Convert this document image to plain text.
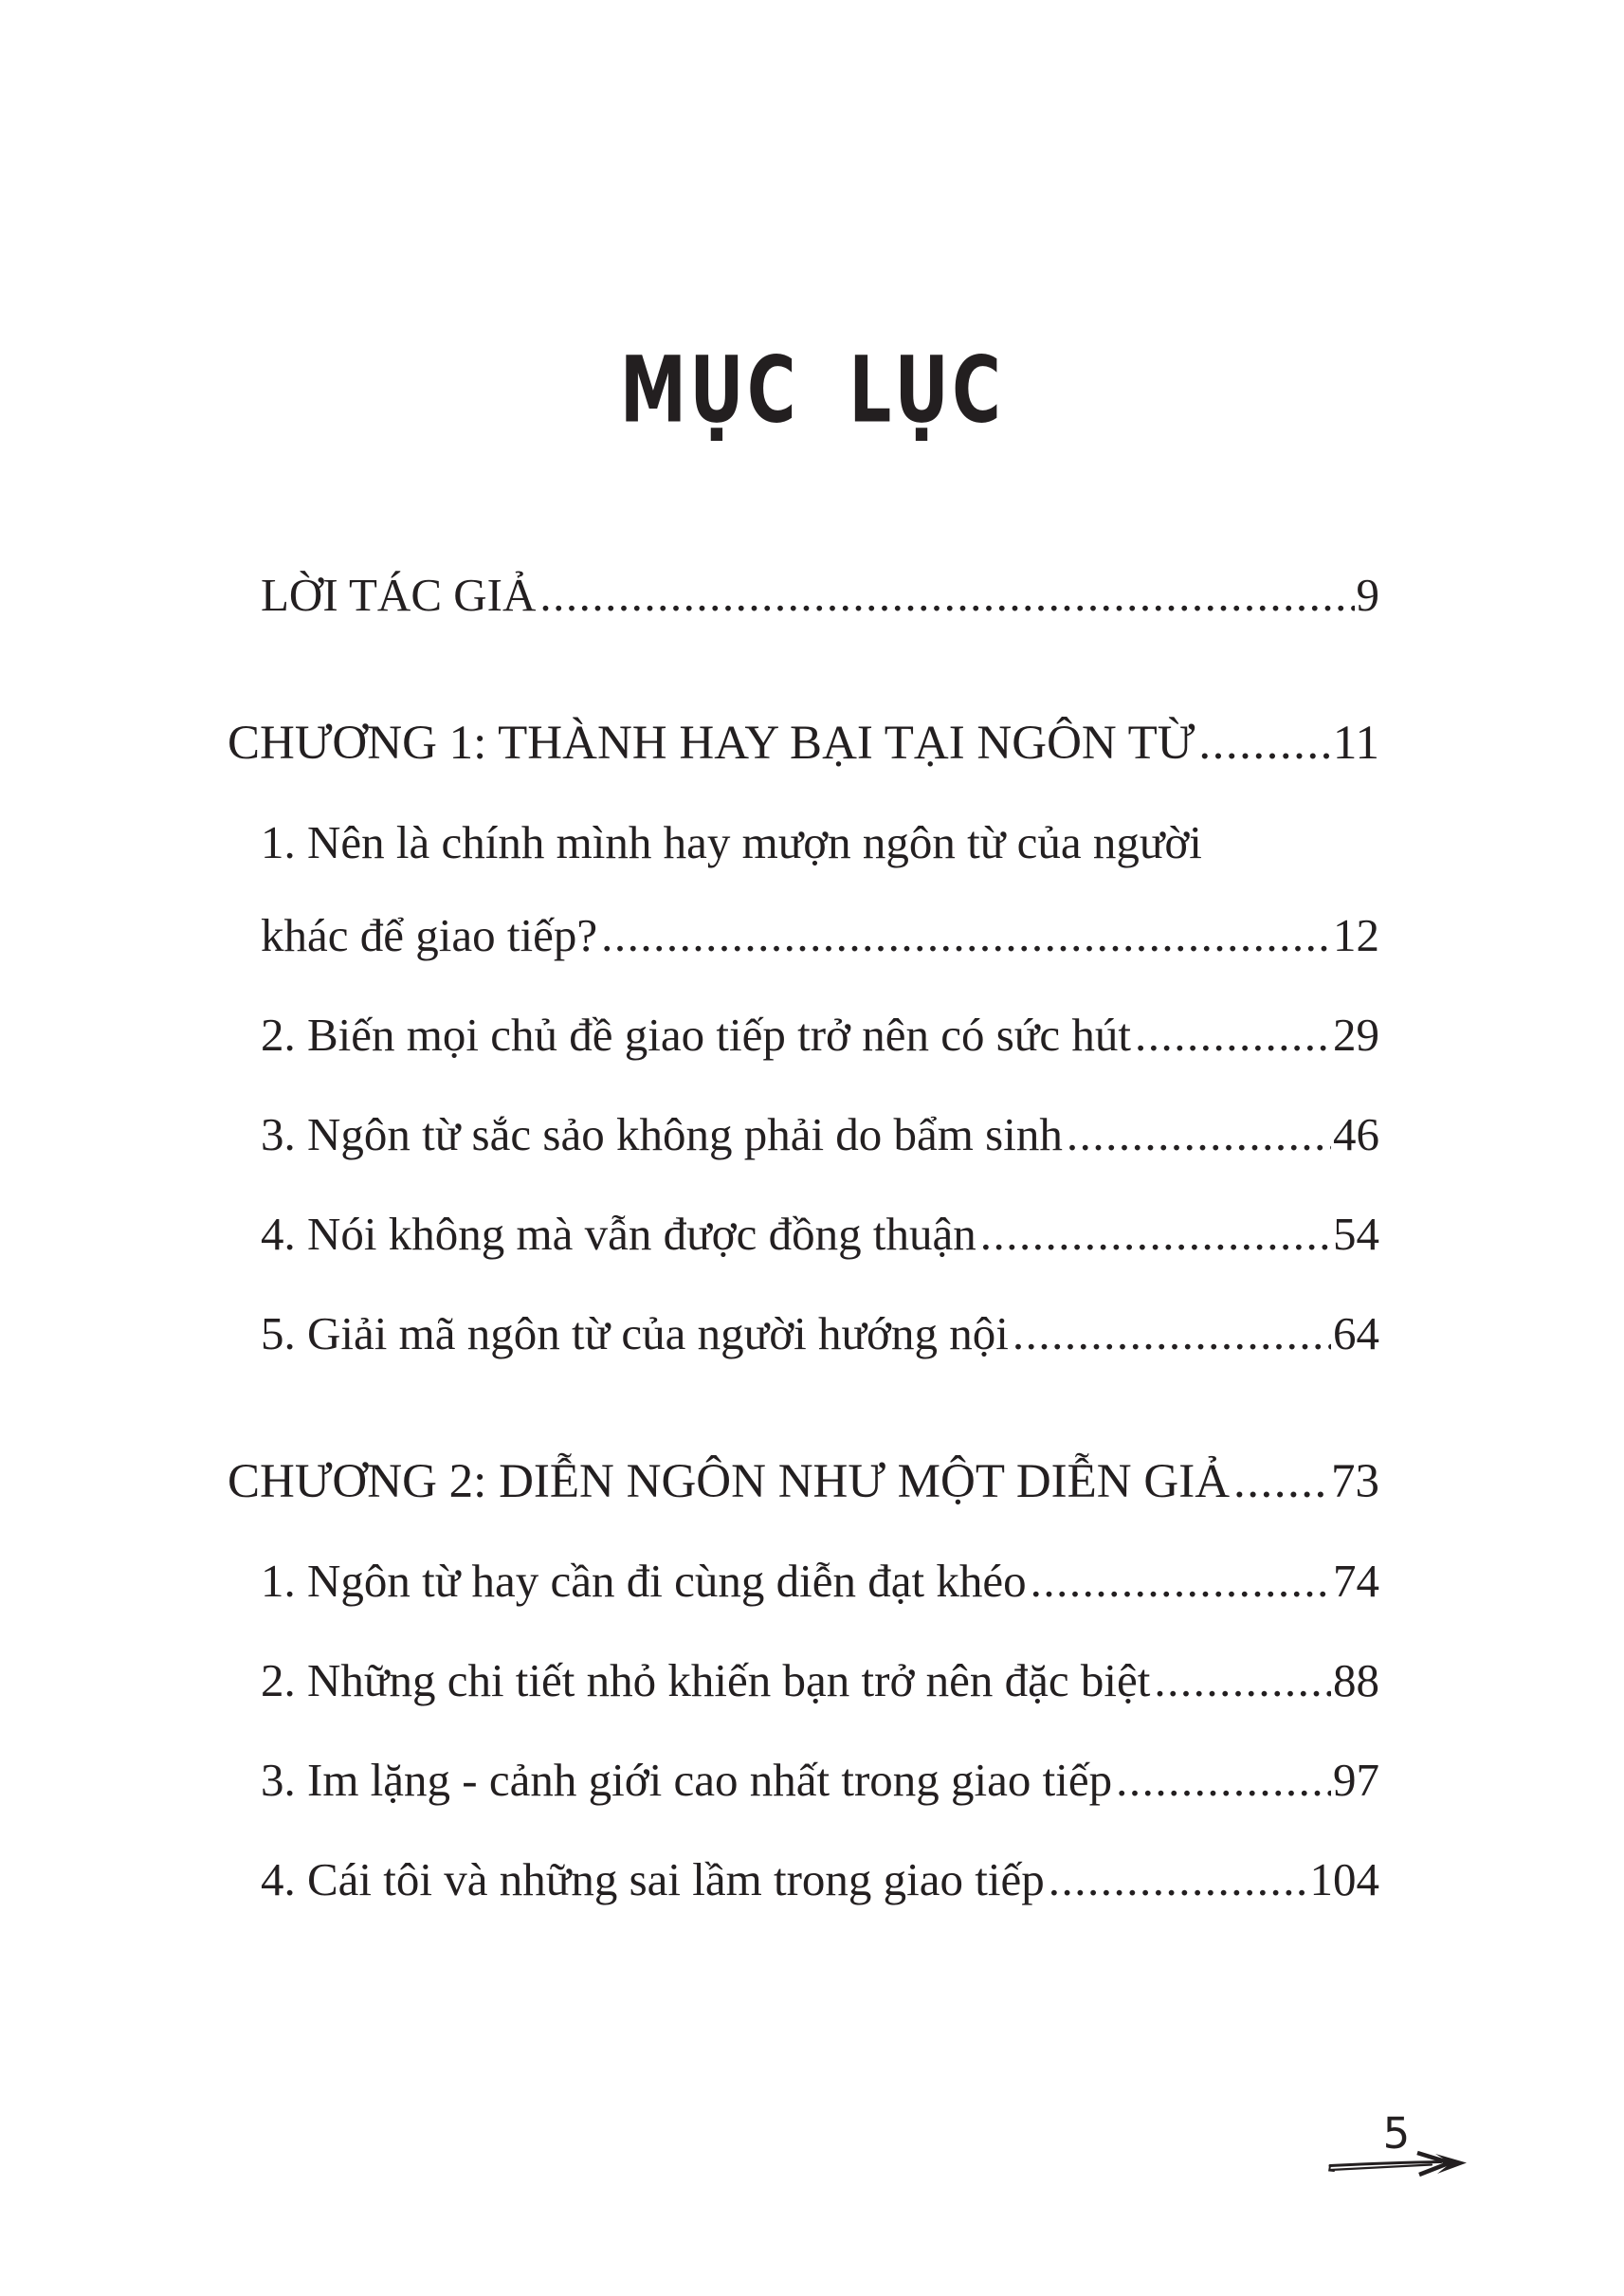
MỤC LỤC
LỜI TÁC GIẢ .....	9
CHƯƠNG 1: THÀNH HAY BẠI TẠI NGÔN TỪ .....	11
1. Nên là chính mình hay mượn ngôn từ của người
khác để giao tiếp? .....	12
2. Biến mọi chủ đề giao tiếp trở nên có sức hút .....	29
3. Ngôn từ sắc sảo không phải do bẩm sinh .....	46
4. Nói không mà vẫn được đồng thuận .....	54
5. Giải mã ngôn từ của người hướng nội .....	64
CHƯƠNG 2: DIỄN NGÔN NHƯ MỘT DIỄN GIẢ ..... 73
1. Ngôn từ hay cần đi cùng diễn đạt khéo .....	74
2. Những chi tiết nhỏ khiến bạn trở nên đặc biệt .....	88
3. Im lặng - cảnh giới cao nhất trong giao tiếp .....	97
4. Cái tôi và những sai lầm trong giao tiếp .....	104
5
